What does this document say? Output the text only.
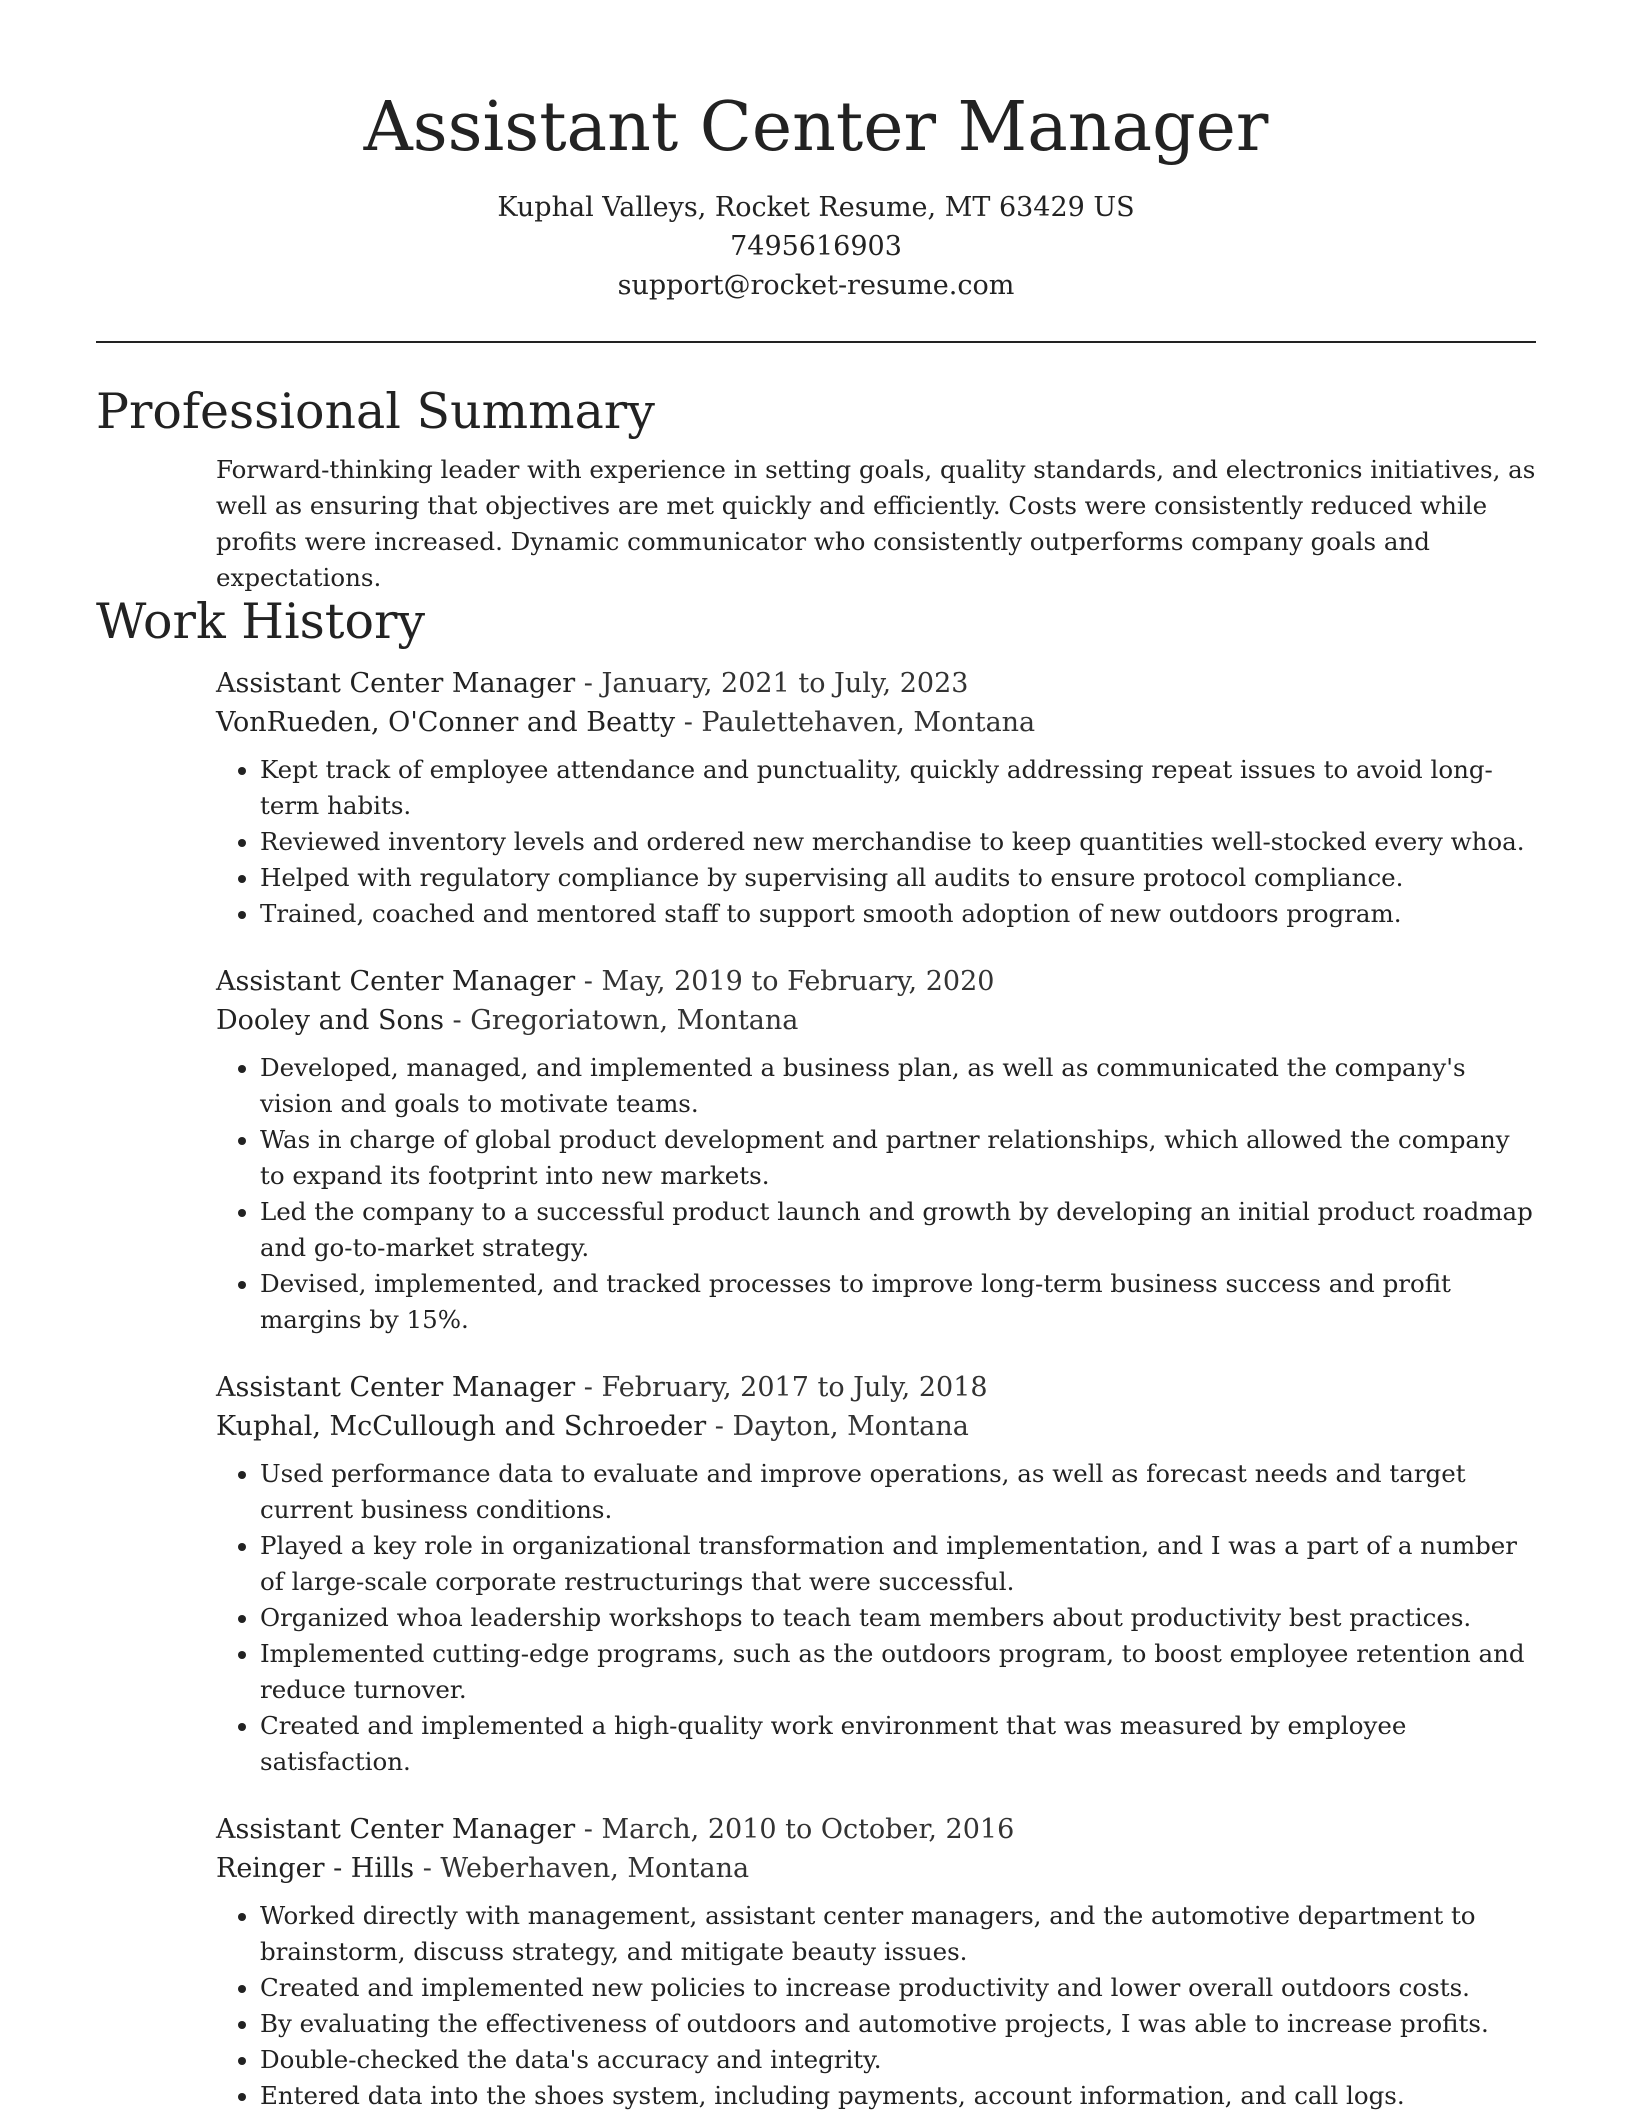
Assistant Center Manager

Kuphal Valleys, Rocket Resume, MT 63429 US

7495616903

support@rocket-resume.com

Professional Summary

Forward-thinking leader with experience in setting goals, quality standards, and electronics initiatives, as well as ensuring that objectives are met quickly and efficiently. Costs were consistently reduced while profits were increased. Dynamic communicator who consistently outperforms company goals and expectations.

Work History

Assistant Center Manager - January, 2021 to July, 2023

VonRueden, O'Conner and Beatty - Paulettehaven, Montana

• Kept track of employee attendance and punctuality, quickly addressing repeat issues to avoid long-term habits.
• Reviewed inventory levels and ordered new merchandise to keep quantities well-stocked every whoa.
• Helped with regulatory compliance by supervising all audits to ensure protocol compliance.
• Trained, coached and mentored staff to support smooth adoption of new outdoors program.

Assistant Center Manager - May, 2019 to February, 2020

Dooley and Sons - Gregoriatown, Montana

• Developed, managed, and implemented a business plan, as well as communicated the company's vision and goals to motivate teams.
• Was in charge of global product development and partner relationships, which allowed the company to expand its footprint into new markets.
• Led the company to a successful product launch and growth by developing an initial product roadmap and go-to-market strategy.
• Devised, implemented, and tracked processes to improve long-term business success and profit margins by 15%.

Assistant Center Manager - February, 2017 to July, 2018

Kuphal, McCullough and Schroeder - Dayton, Montana

• Used performance data to evaluate and improve operations, as well as forecast needs and target current business conditions.
• Played a key role in organizational transformation and implementation, and I was a part of a number of large-scale corporate restructurings that were successful.
• Organized whoa leadership workshops to teach team members about productivity best practices.
• Implemented cutting-edge programs, such as the outdoors program, to boost employee retention and reduce turnover.
• Created and implemented a high-quality work environment that was measured by employee satisfaction.

Assistant Center Manager - March, 2010 to October, 2016

Reinger - Hills - Weberhaven, Montana

• Worked directly with management, assistant center managers, and the automotive department to brainstorm, discuss strategy, and mitigate beauty issues.
• Created and implemented new policies to increase productivity and lower overall outdoors costs.
• By evaluating the effectiveness of outdoors and automotive projects, I was able to increase profits.
• Double-checked the data's accuracy and integrity.
• Entered data into the shoes system, including payments, account information, and call logs.
